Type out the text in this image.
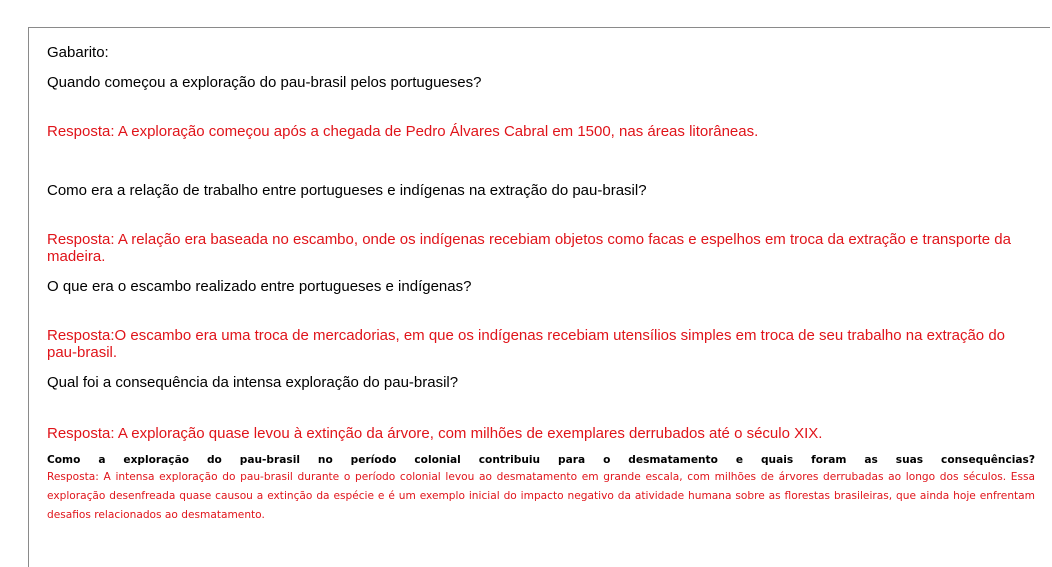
Gabarito:
Quando começou a exploração do pau-brasil pelos portugueses?
Resposta: A exploração começou após a chegada de Pedro Álvares Cabral em 1500, nas áreas litorâneas.
Como era a relação de trabalho entre portugueses e indígenas na extração do pau-brasil?
Resposta: A relação era baseada no escambo, onde os indígenas recebiam objetos como facas e espelhos em troca da extração e transporte da madeira.
O que era o escambo realizado entre portugueses e indígenas?
Resposta:O escambo era uma troca de mercadorias, em que os indígenas recebiam utensílios simples em troca de seu trabalho na extração do pau-brasil.
Qual foi a consequência da intensa exploração do pau-brasil?
Resposta: A exploração quase levou à extinção da árvore, com milhões de exemplares derrubados até o século XIX.
Como a exploração do pau-brasil no período colonial contribuiu para o desmatamento e quais foram as suas consequências?
Resposta: A intensa exploração do pau-brasil durante o período colonial levou ao desmatamento em grande escala, com milhões de árvores derrubadas ao longo dos séculos. Essa exploração desenfreada quase causou a extinção da espécie e é um exemplo inicial do impacto negativo da atividade humana sobre as florestas brasileiras, que ainda hoje enfrentam desafios relacionados ao desmatamento.
